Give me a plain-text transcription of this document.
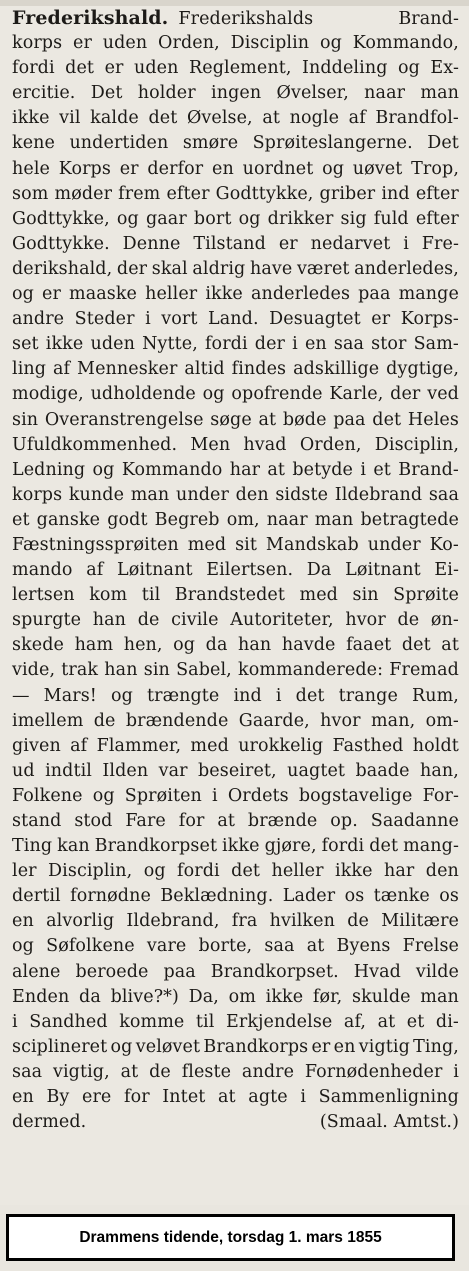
Frederikshald. Frederikshalds	Brand-
korps er uden Orden, Disciplin og Kommando,
fordi det er uden Reglement, Inddeling og Ex-
ercitie. Det holder ingen Øvelser, naar man
ikke vil kalde det Øvelse, at nogle af Brandfol-
kene undertiden smøre Sprøiteslangerne. Det
hele Korps er derfor en uordnet og uøvet Trop,
som møder frem efter Godttykke, griber ind efter
Godttykke, og gaar bort og drikker sig fuld efter
Godttykke. Denne Tilstand er nedarvet i Fre-
derikshald, der skal aldrig have været anderledes,
og er maaske heller ikke anderledes paa mange
andre Steder i vort Land. Desuagtet er Korps-
set ikke uden Nytte, fordi der i en saa stor Sam-
ling af Mennesker altid findes adskillige dygtige,
modige, udholdende og opofrende Karle, der ved
sin Overanstrengelse søge at bøde paa det Heles
Ufuldkommenhed. Men hvad Orden, Disciplin,
Ledning og Kommando har at betyde i et Brand-
korps kunde man under den sidste Ildebrand saa
et ganske godt Begreb om, naar man betragtede
Fæstningssprøiten med sit Mandskab under Ko-
mando af Løitnant Eilertsen. Da Løitnant Ei-
lertsen kom til Brandstedet med sin Sprøite
spurgte han de civile Autoriteter, hvor de øn-
skede ham hen, og da han havde faaet det at
vide, trak han sin Sabel, kommanderede: Fremad
— Mars! og trængte ind i det trange Rum,
imellem de brændende Gaarde, hvor man, om-
given af Flammer, med urokkelig Fasthed holdt
ud indtil Ilden var beseiret, uagtet baade han,
Folkene og Sprøiten i Ordets bogstavelige For-
stand stod Fare for at brænde op. Saadanne
Ting kan Brandkorpset ikke gjøre, fordi det mang-
ler Disciplin, og fordi det heller ikke har den
dertil fornødne Beklædning. Lader os tænke os
en alvorlig Ildebrand, fra hvilken de Militære
og Søfolkene vare borte, saa at Byens Frelse
alene beroede paa Brandkorpset. Hvad vilde
Enden da blive?*) Da, om ikke før, skulde man
i Sandhed komme til Erkjendelse af, at et di-
sciplineret og veløvet Brandkorps er en vigtig Ting,
saa vigtig, at de fleste andre Fornødenheder i
en By ere for Intet at agte i Sammenligning
dermed.	(Smaal. Amtst.)
Drammens tidende, torsdag 1. mars 1855
